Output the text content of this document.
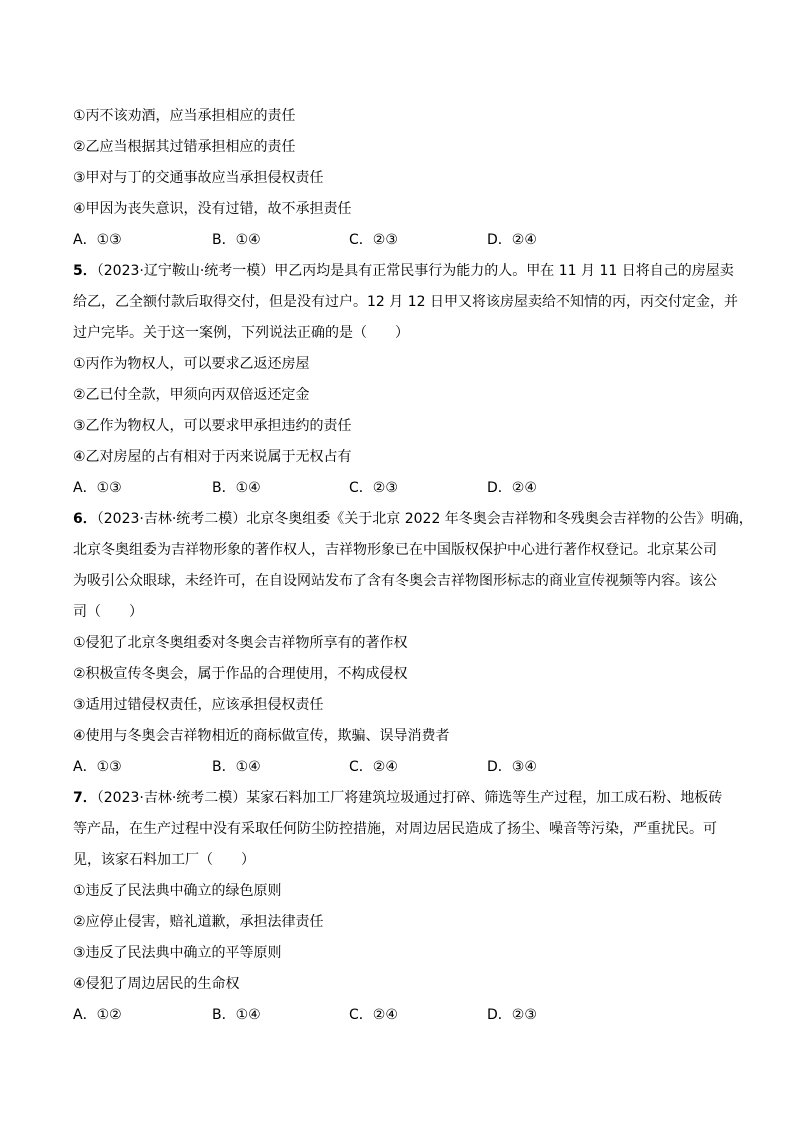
①丙不该劝酒，应当承担相应的责任
②乙应当根据其过错承担相应的责任
③甲对与丁的交通事故应当承担侵权责任
④甲因为丧失意识，没有过错，故不承担责任
A．①③	B．①④	C．②③	D．②④
5．（2023·辽宁鞍山·统考一模）甲乙丙均是具有正常民事行为能力的人。甲在 11 月 11 日将自己的房屋卖
给乙，乙全额付款后取得交付，但是没有过户。12 月 12 日甲又将该房屋卖给不知情的丙，丙交付定金，并
过户完毕。关于这一案例，下列说法正确的是（　　）
①丙作为物权人，可以要求乙返还房屋
②乙已付全款，甲须向丙双倍返还定金
③乙作为物权人，可以要求甲承担违约的责任
④乙对房屋的占有相对于丙来说属于无权占有
A．①③	B．①④	C．②③	D．②④
6．（2023·吉林·统考二模）北京冬奥组委《关于北京 2022 年冬奥会吉祥物和冬残奥会吉祥物的公告》明确，
北京冬奥组委为吉祥物形象的著作权人，吉祥物形象已在中国版权保护中心进行著作权登记。北京某公司
为吸引公众眼球，未经许可，在自设网站发布了含有冬奥会吉祥物图形标志的商业宣传视频等内容。该公
司（　　）
①侵犯了北京冬奥组委对冬奥会吉祥物所享有的著作权
②积极宣传冬奥会，属于作品的合理使用，不构成侵权
③适用过错侵权责任，应该承担侵权责任
④使用与冬奥会吉祥物相近的商标做宣传，欺骗、误导消费者
A．①③	B．①④	C．②④	D．③④
7．（2023·吉林·统考二模）某家石料加工厂将建筑垃圾通过打碎、筛选等生产过程，加工成石粉、地板砖
等产品，在生产过程中没有采取任何防尘防控措施，对周边居民造成了扬尘、噪音等污染，严重扰民。可
见，该家石料加工厂（　　）
①违反了民法典中确立的绿色原则
②应停止侵害，赔礼道歉，承担法律责任
③违反了民法典中确立的平等原则
④侵犯了周边居民的生命权
A．①②	B．①④	C．②④	D．②③
